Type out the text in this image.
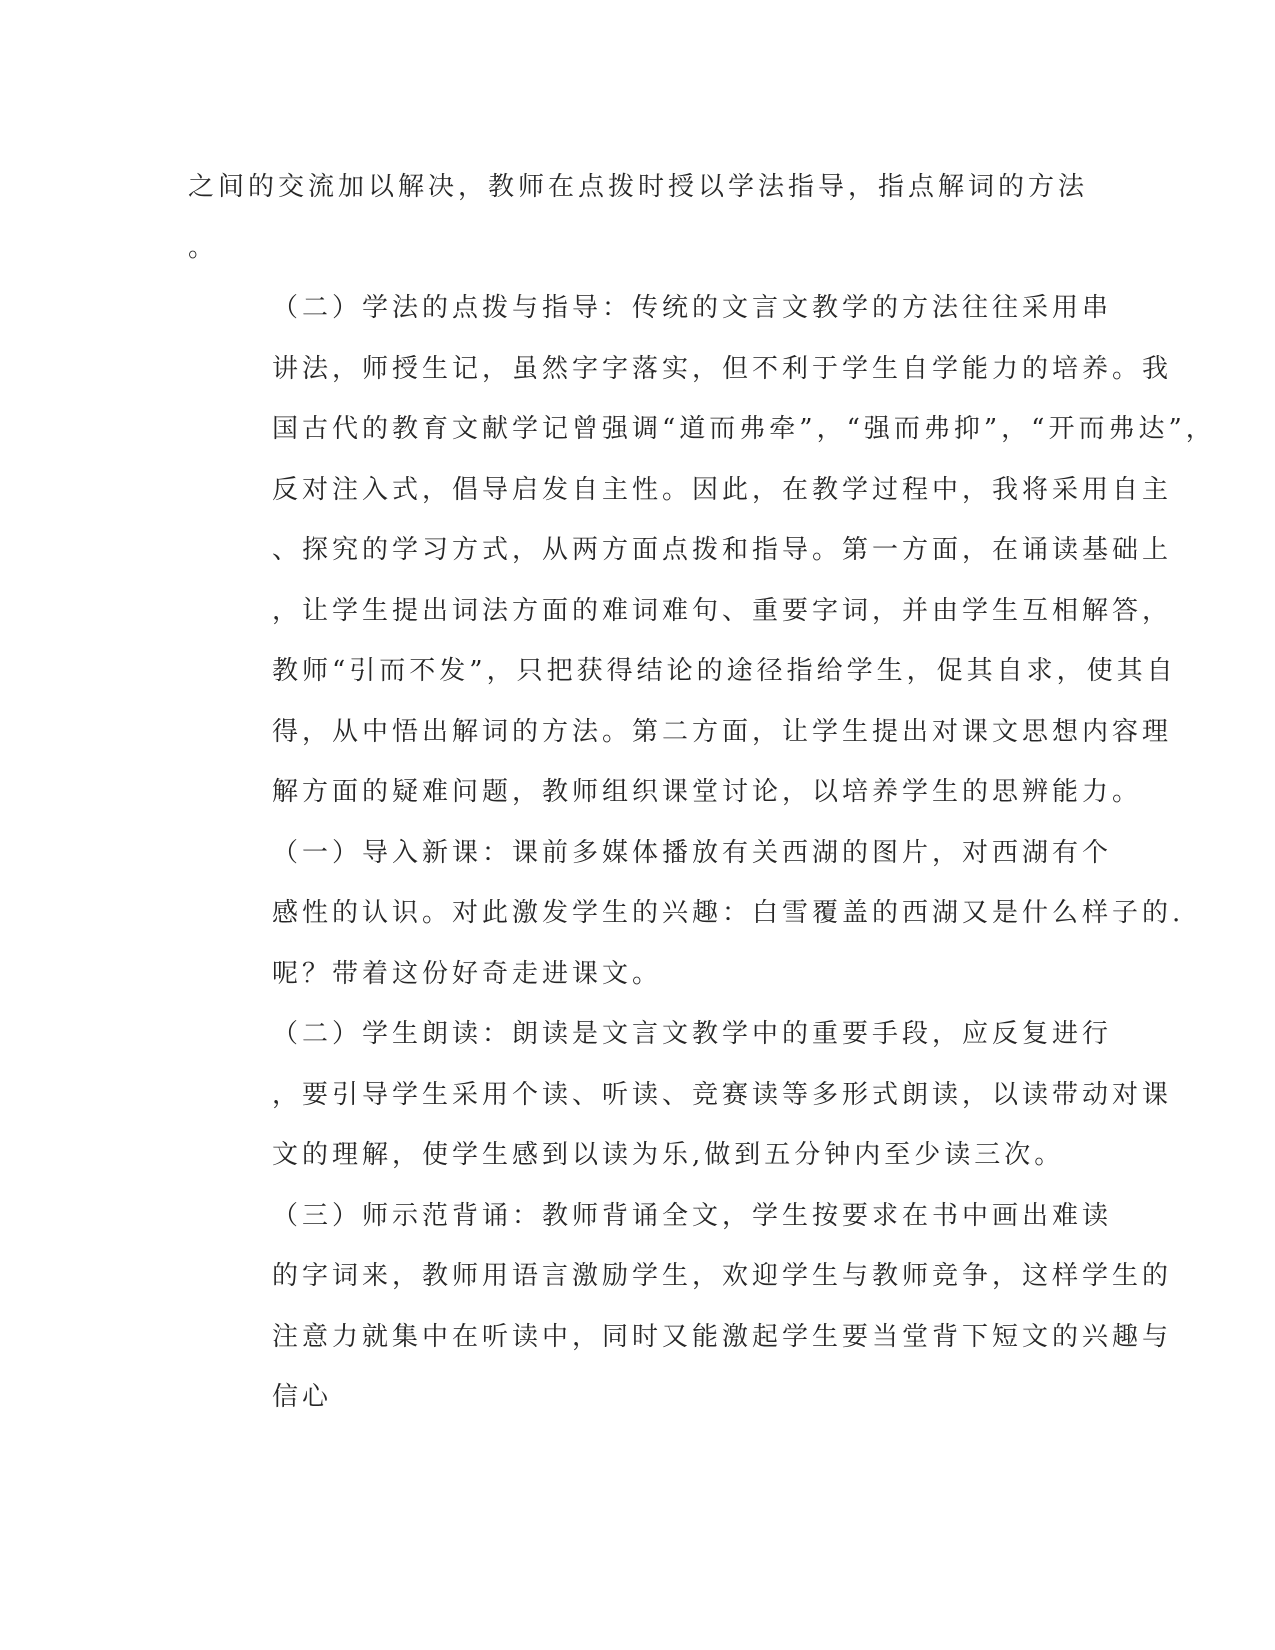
之间的交流加以解决，教师在点拨时授以学法指导，指点解词的方法
。

（二）学法的点拨与指导：传统的文言文教学的方法往往采用串
讲法，师授生记，虽然字字落实，但不利于学生自学能力的培养。我
国古代的教育文献学记曾强调“道而弗牵”，“强而弗抑”，“开而弗达”，
反对注入式，倡导启发自主性。因此，在教学过程中，我将采用自主
、探究的学习方式，从两方面点拨和指导。第一方面，在诵读基础上
，让学生提出词法方面的难词难句、重要字词，并由学生互相解答，
教师“引而不发”，只把获得结论的途径指给学生，促其自求，使其自
得，从中悟出解词的方法。第二方面，让学生提出对课文思想内容理
解方面的疑难问题，教师组织课堂讨论，以培养学生的思辨能力。

（一）导入新课：课前多媒体播放有关西湖的图片，对西湖有个
感性的认识。对此激发学生的兴趣：白雪覆盖的西湖又是什么样子的.
呢？带着这份好奇走进课文。

（二）学生朗读：朗读是文言文教学中的重要手段，应反复进行
，要引导学生采用个读、听读、竞赛读等多形式朗读，以读带动对课
文的理解，使学生感到以读为乐,做到五分钟内至少读三次。

（三）师示范背诵：教师背诵全文，学生按要求在书中画出难读
的字词来，教师用语言激励学生，欢迎学生与教师竞争，这样学生的
注意力就集中在听读中，同时又能激起学生要当堂背下短文的兴趣与
信心
